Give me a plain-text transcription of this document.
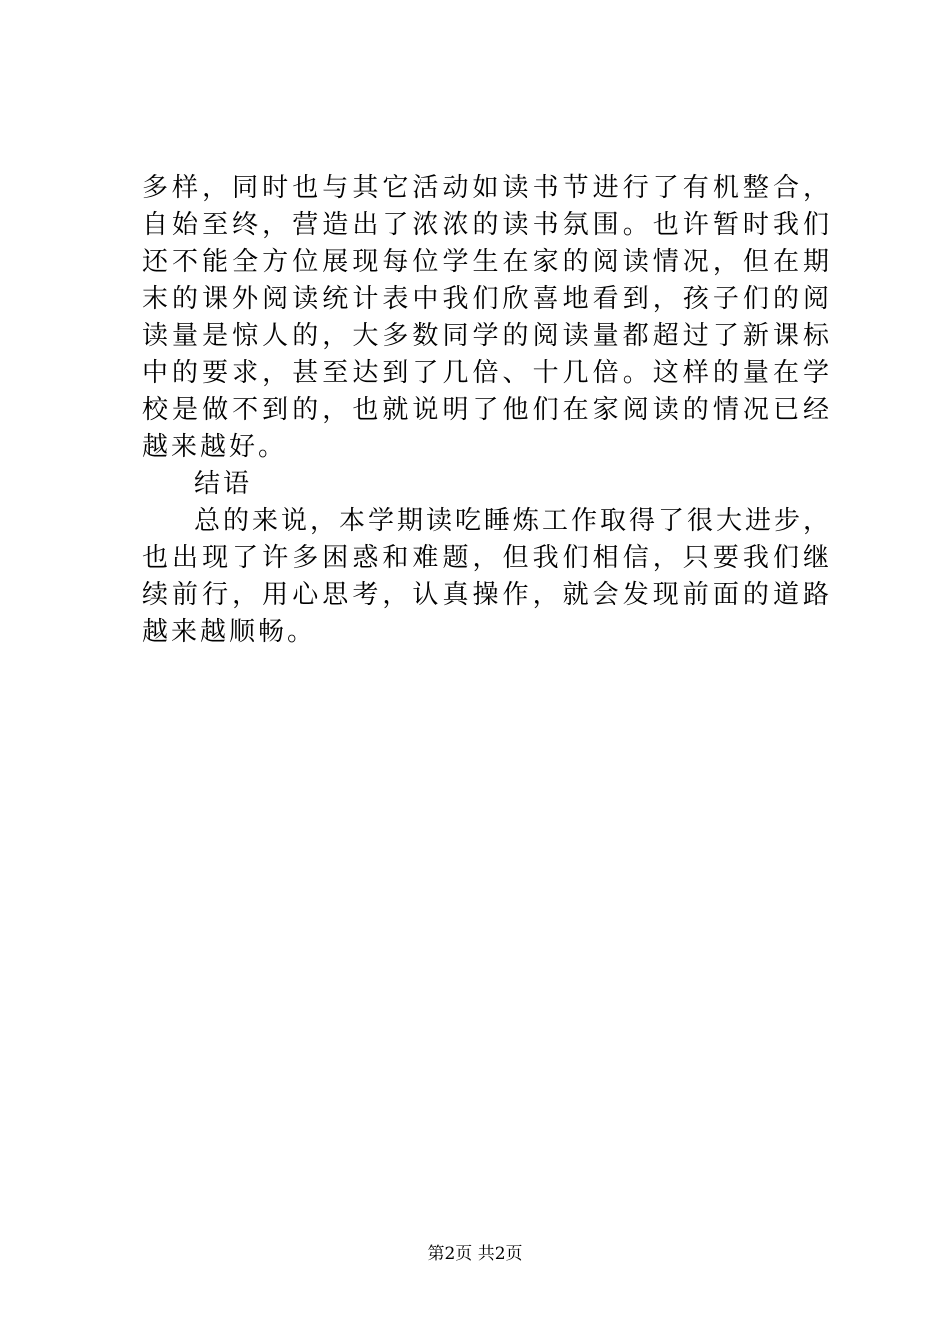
多样，同时也与其它活动如读书节进行了有机整合，自始至终，营造出了浓浓的读书氛围。也许暂时我们还不能全方位展现每位学生在家的阅读情况，但在期末的课外阅读统计表中我们欣喜地看到，孩子们的阅读量是惊人的，大多数同学的阅读量都超过了新课标中的要求，甚至达到了几倍、十几倍。这样的量在学校是做不到的，也就说明了他们在家阅读的情况已经越来越好。

结语

总的来说，本学期读吃睡炼工作取得了很大进步，也出现了许多困惑和难题，但我们相信，只要我们继续前行，用心思考，认真操作，就会发现前面的道路越来越顺畅。

第2页 共2页
